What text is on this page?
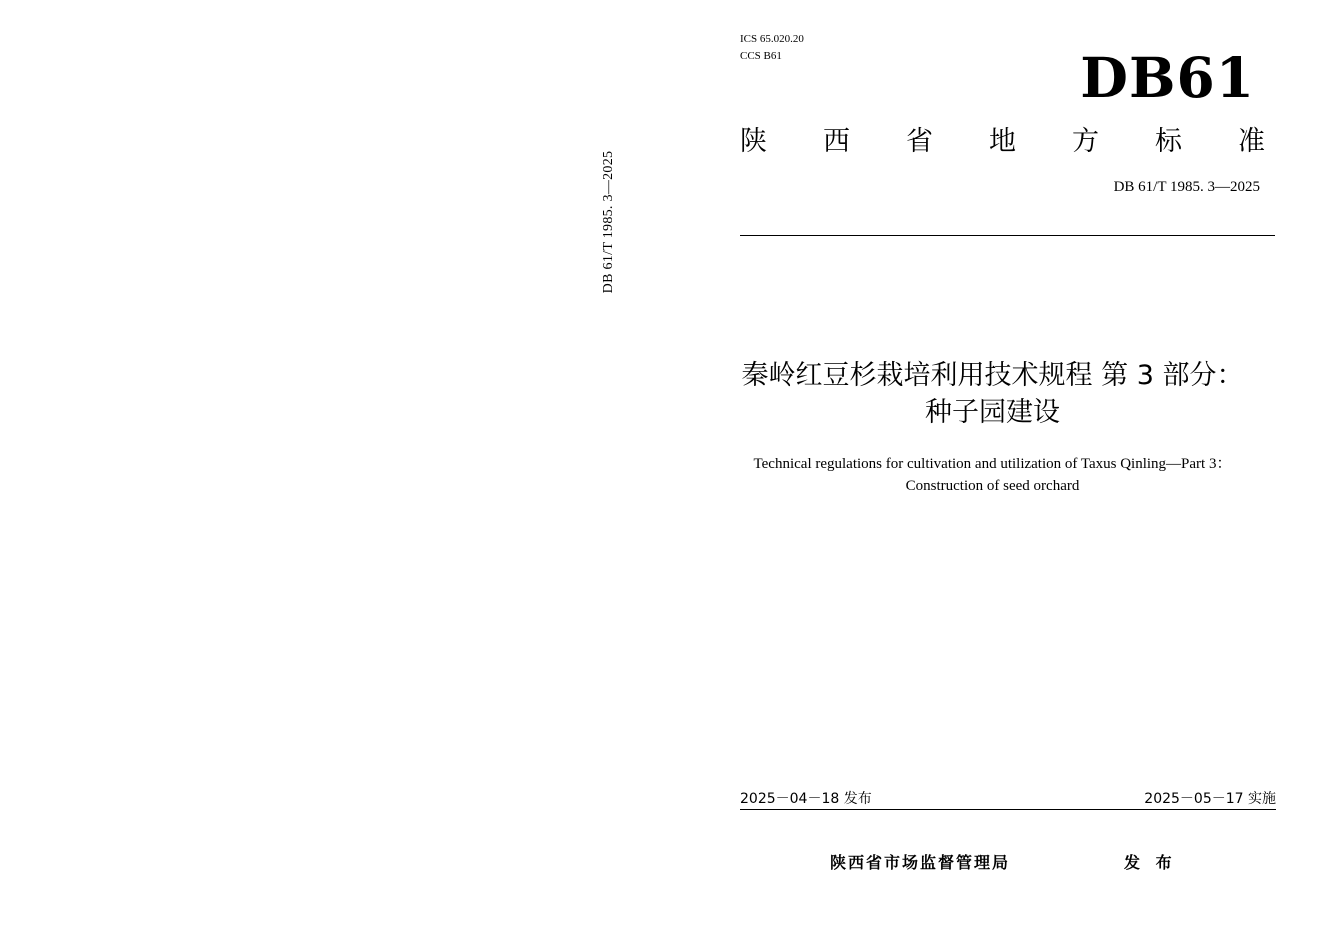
DB 61/T 1985. 3—2025
ICS 65.020.20
CCS B61	DB61
陕 西 省 地 方 标 准
DB 61/T 1985. 3—2025
秦岭红豆杉栽培利用技术规程 第 3 部分：
种子园建设
Technical regulations for cultivation and utilization of Taxus Qinling—Part 3：
Construction of seed orchard
2025－04－18 发布	2025－05－17 实施
陕西省市场监督管理局	发 布
